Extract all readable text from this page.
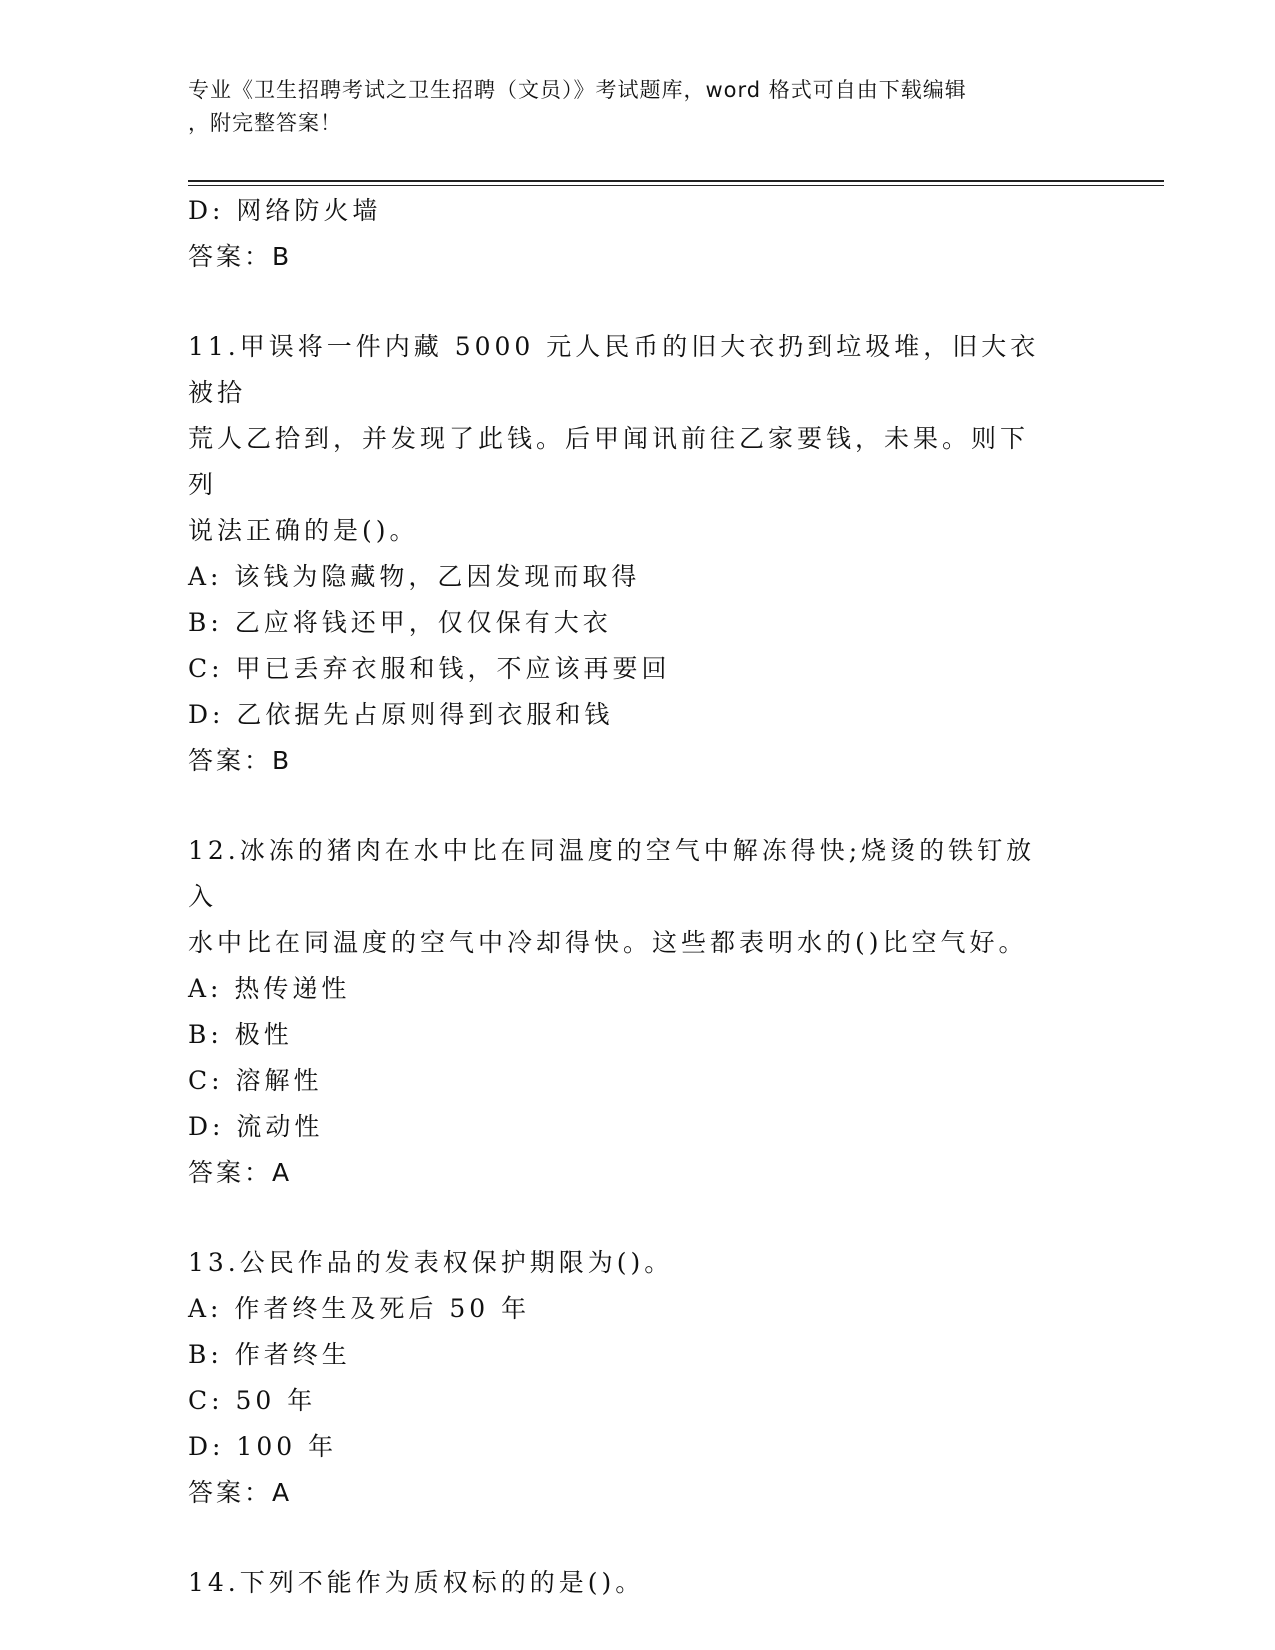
专业《卫生招聘考试之卫生招聘（文员）》考试题库，word 格式可自由下载编辑
，附完整答案！
D: 网络防火墙
答案：B
11.甲误将一件内藏 5000 元人民币的旧大衣扔到垃圾堆，旧大衣被拾
荒人乙拾到，并发现了此钱。后甲闻讯前往乙家要钱，未果。则下列
说法正确的是()。
A: 该钱为隐藏物，乙因发现而取得
B: 乙应将钱还甲，仅仅保有大衣
C: 甲已丢弃衣服和钱，不应该再要回
D: 乙依据先占原则得到衣服和钱
答案：B
12.冰冻的猪肉在水中比在同温度的空气中解冻得快;烧烫的铁钉放入
水中比在同温度的空气中冷却得快。这些都表明水的()比空气好。
A: 热传递性
B: 极性
C: 溶解性
D: 流动性
答案：A
13.公民作品的发表权保护期限为()。
A: 作者终生及死后 50 年
B: 作者终生
C: 50 年
D: 100 年
答案：A
14.下列不能作为质权标的的是()。
